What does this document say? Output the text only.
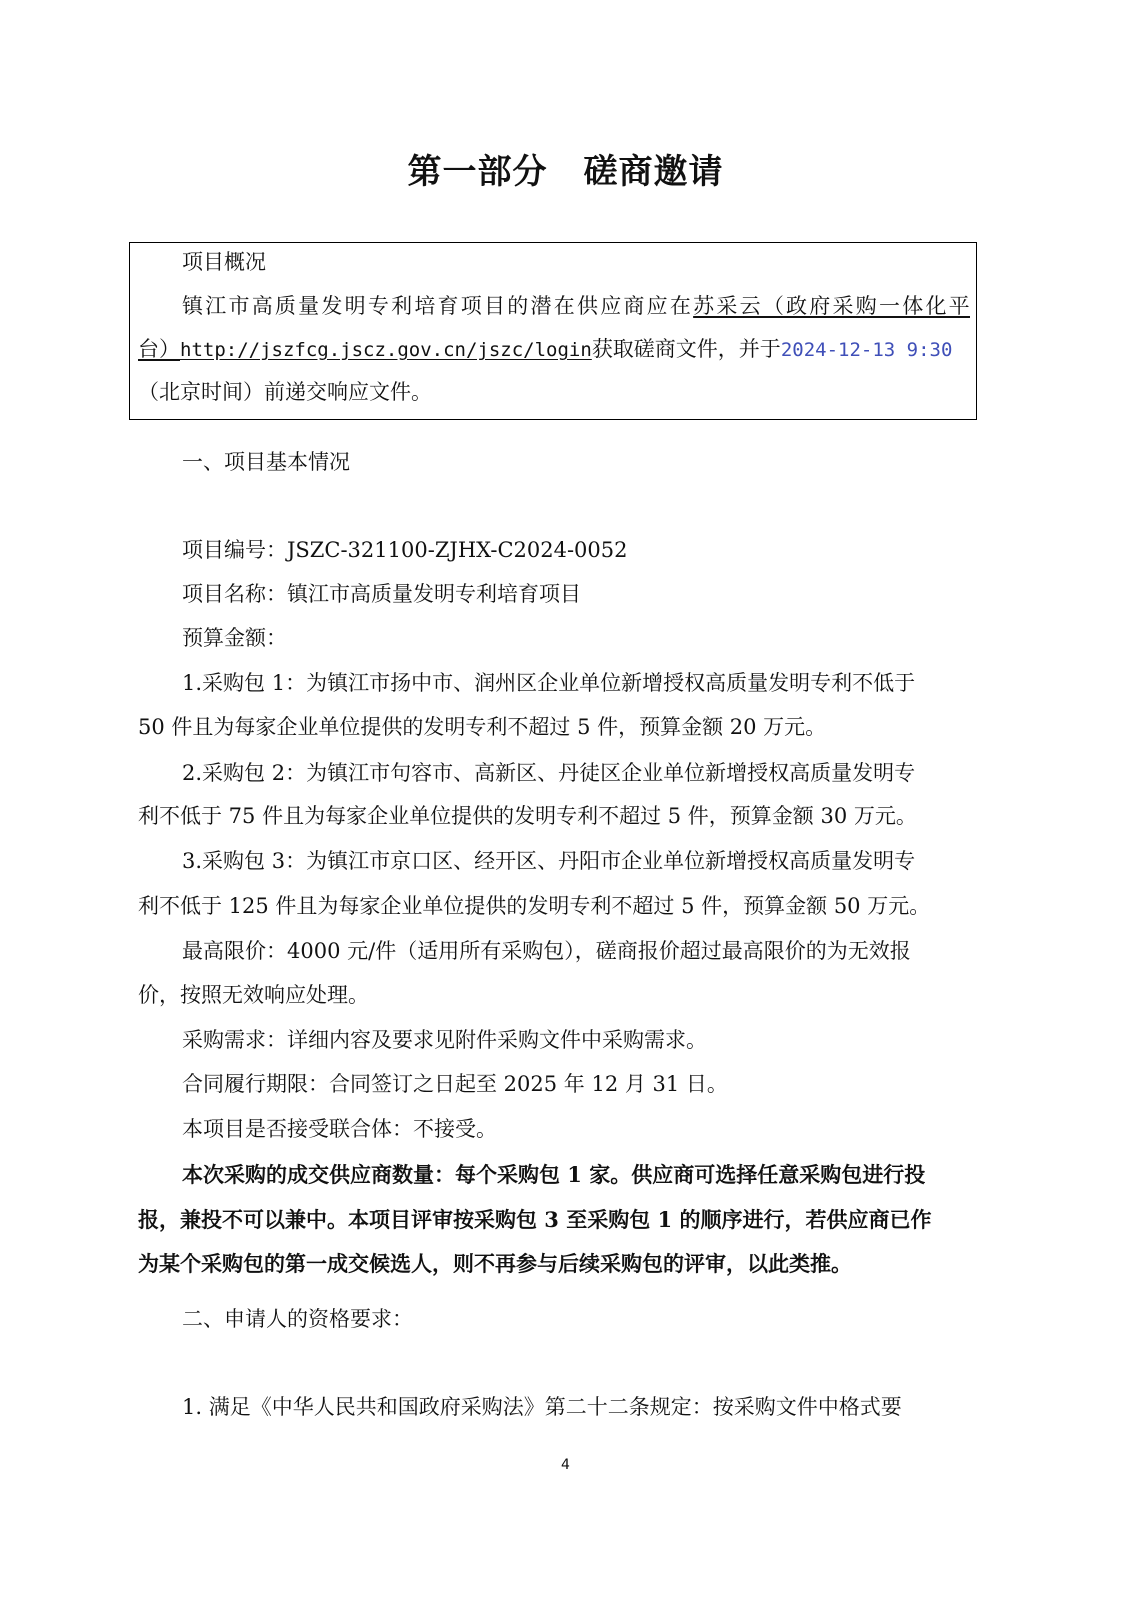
第一部分 磋商邀请
项目概况
镇江市高质量发明专利培育项目的潜在供应商应在苏采云（政府采购一体化平
台）http://jszfcg.jscz.gov.cn/jszc/login获取磋商文件，并于2024-12-13 9:30
（北京时间）前递交响应文件。
一、项目基本情况
项目编号：JSZC-321100-ZJHX-C2024-0052
项目名称：镇江市高质量发明专利培育项目
预算金额：
1.采购包 1：为镇江市扬中市、润州区企业单位新增授权高质量发明专利不低于
50 件且为每家企业单位提供的发明专利不超过 5 件，预算金额 20 万元。
2.采购包 2：为镇江市句容市、高新区、丹徒区企业单位新增授权高质量发明专
利不低于 75 件且为每家企业单位提供的发明专利不超过 5 件，预算金额 30 万元。
3.采购包 3：为镇江市京口区、经开区、丹阳市企业单位新增授权高质量发明专
利不低于 125 件且为每家企业单位提供的发明专利不超过 5 件，预算金额 50 万元。
最高限价：4000 元/件（适用所有采购包），磋商报价超过最高限价的为无效报
价，按照无效响应处理。
采购需求：详细内容及要求见附件采购文件中采购需求。
合同履行期限：合同签订之日起至 2025 年 12 月 31 日。
本项目是否接受联合体：不接受。
本次采购的成交供应商数量：每个采购包 1 家。供应商可选择任意采购包进行投
报，兼投不可以兼中。本项目评审按采购包 3 至采购包 1 的顺序进行，若供应商已作
为某个采购包的第一成交候选人，则不再参与后续采购包的评审，以此类推。
二、申请人的资格要求：
1. 满足《中华人民共和国政府采购法》第二十二条规定：按采购文件中格式要
4
